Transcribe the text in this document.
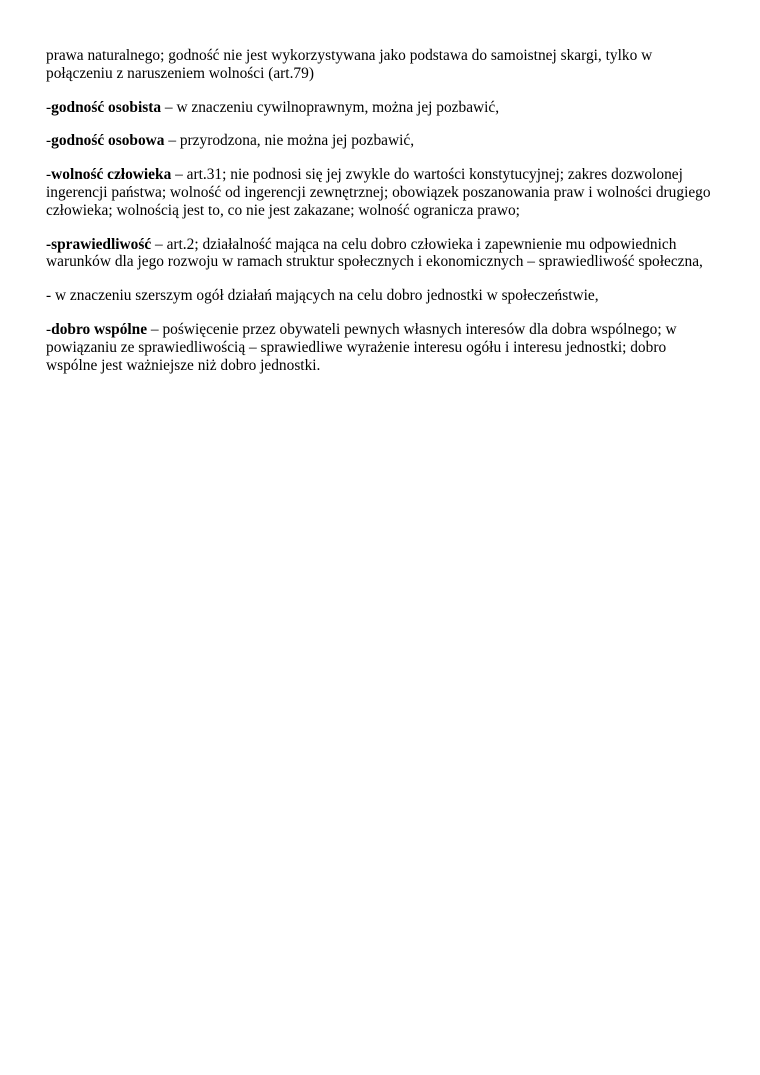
prawa naturalnego; godność nie jest wykorzystywana jako podstawa do samoistnej skargi, tylko w połączeniu z naruszeniem wolności (art.79)

-godność osobista – w znaczeniu cywilnoprawnym, można jej pozbawić,

-godność osobowa – przyrodzona, nie można jej pozbawić,

-wolność człowieka – art.31; nie podnosi się jej zwykle do wartości konstytucyjnej; zakres dozwolonej ingerencji państwa; wolność od ingerencji zewnętrznej; obowiązek poszanowania praw i wolności drugiego człowieka; wolnością jest to, co nie jest zakazane; wolność ogranicza prawo;

-sprawiedliwość – art.2; działalność mająca na celu dobro człowieka i zapewnienie mu odpowiednich warunków dla jego rozwoju w ramach struktur społecznych i ekonomicznych – sprawiedliwość społeczna,

- w znaczeniu szerszym ogół działań mających na celu dobro jednostki w społeczeństwie,

-dobro wspólne – poświęcenie przez obywateli pewnych własnych interesów dla dobra wspólnego; w powiązaniu ze sprawiedliwością – sprawiedliwe wyrażenie interesu ogółu i interesu jednostki; dobro wspólne jest ważniejsze niż dobro jednostki.
